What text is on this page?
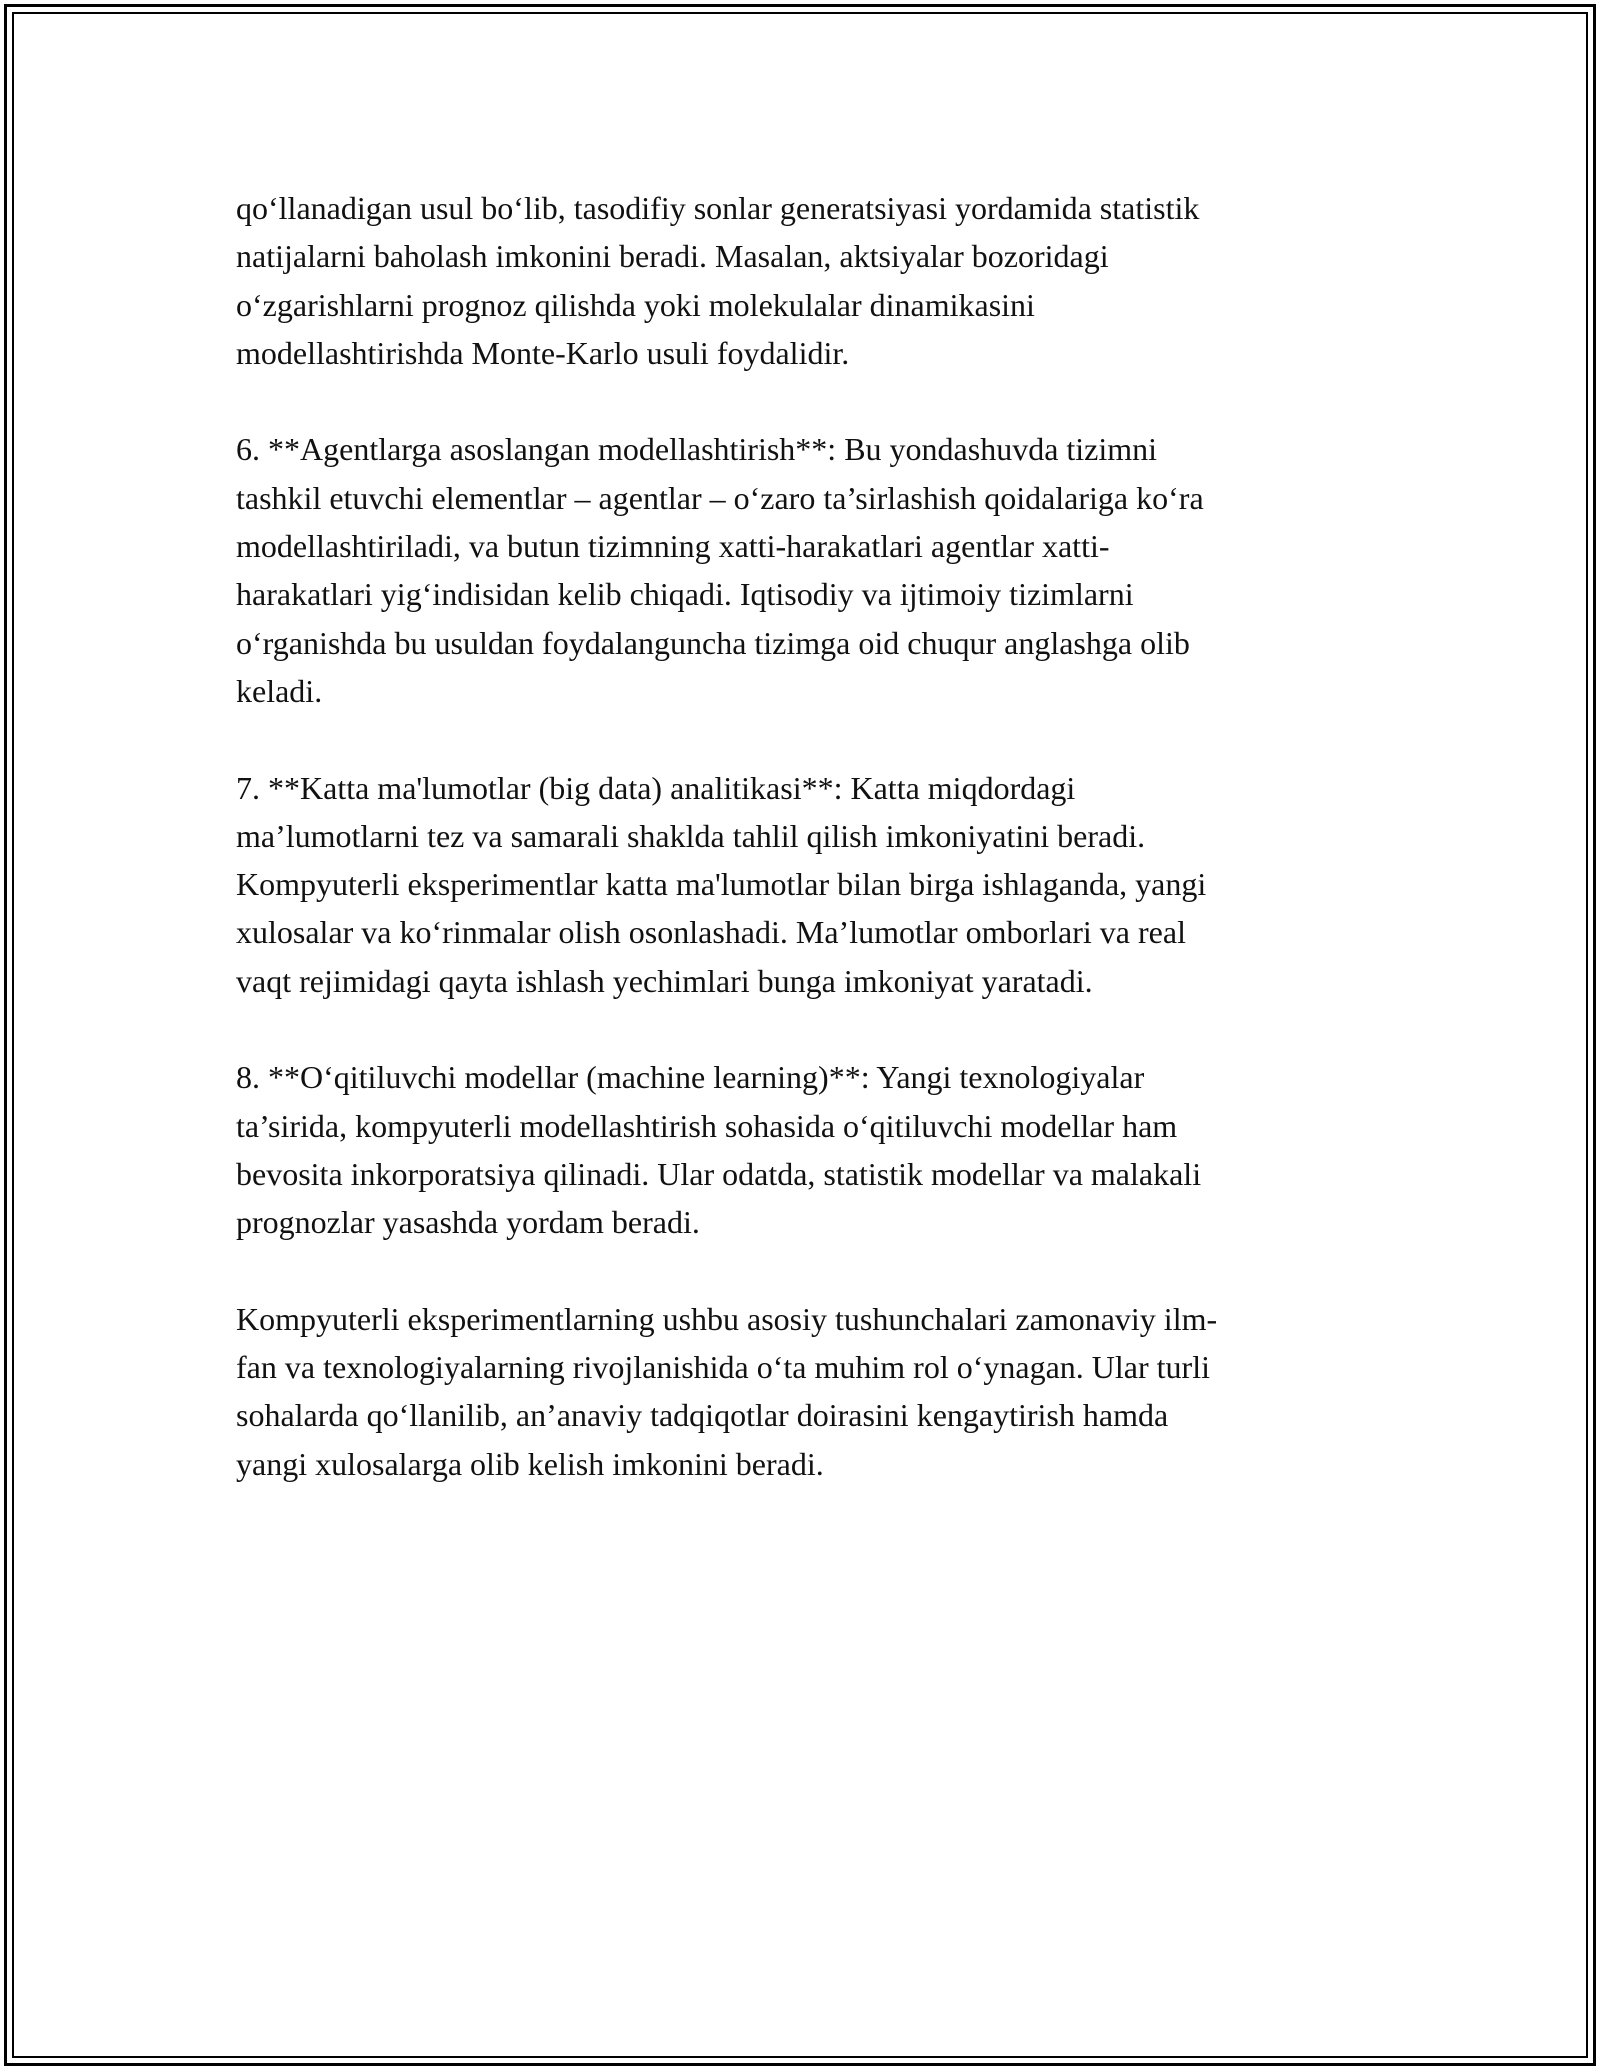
qo‘llanadigan usul bo‘lib, tasodifiy sonlar generatsiyasi yordamida statistik
natijalarni baholash imkonini beradi. Masalan, aktsiyalar bozoridagi
o‘zgarishlarni prognoz qilishda yoki molekulalar dinamikasini
modellashtirishda Monte-Karlo usuli foydalidir.
6. **Agentlarga asoslangan modellashtirish**: Bu yondashuvda tizimni
tashkil etuvchi elementlar – agentlar – o‘zaro ta’sirlashish qoidalariga ko‘ra
modellashtiriladi, va butun tizimning xatti-harakatlari agentlar xatti-
harakatlari yig‘indisidan kelib chiqadi. Iqtisodiy va ijtimoiy tizimlarni
o‘rganishda bu usuldan foydalanguncha tizimga oid chuqur anglashga olib
keladi.
7. **Katta ma'lumotlar (big data) analitikasi**: Katta miqdordagi
ma’lumotlarni tez va samarali shaklda tahlil qilish imkoniyatini beradi.
Kompyuterli eksperimentlar katta ma'lumotlar bilan birga ishlaganda, yangi
xulosalar va ko‘rinmalar olish osonlashadi. Ma’lumotlar omborlari va real
vaqt rejimidagi qayta ishlash yechimlari bunga imkoniyat yaratadi.
8. **O‘qitiluvchi modellar (machine learning)**: Yangi texnologiyalar
ta’sirida, kompyuterli modellashtirish sohasida o‘qitiluvchi modellar ham
bevosita inkorporatsiya qilinadi. Ular odatda, statistik modellar va malakali
prognozlar yasashda yordam beradi.
Kompyuterli eksperimentlarning ushbu asosiy tushunchalari zamonaviy ilm-
fan va texnologiyalarning rivojlanishida o‘ta muhim rol o‘ynagan. Ular turli
sohalarda qo‘llanilib, an’anaviy tadqiqotlar doirasini kengaytirish hamda
yangi xulosalarga olib kelish imkonini beradi.
